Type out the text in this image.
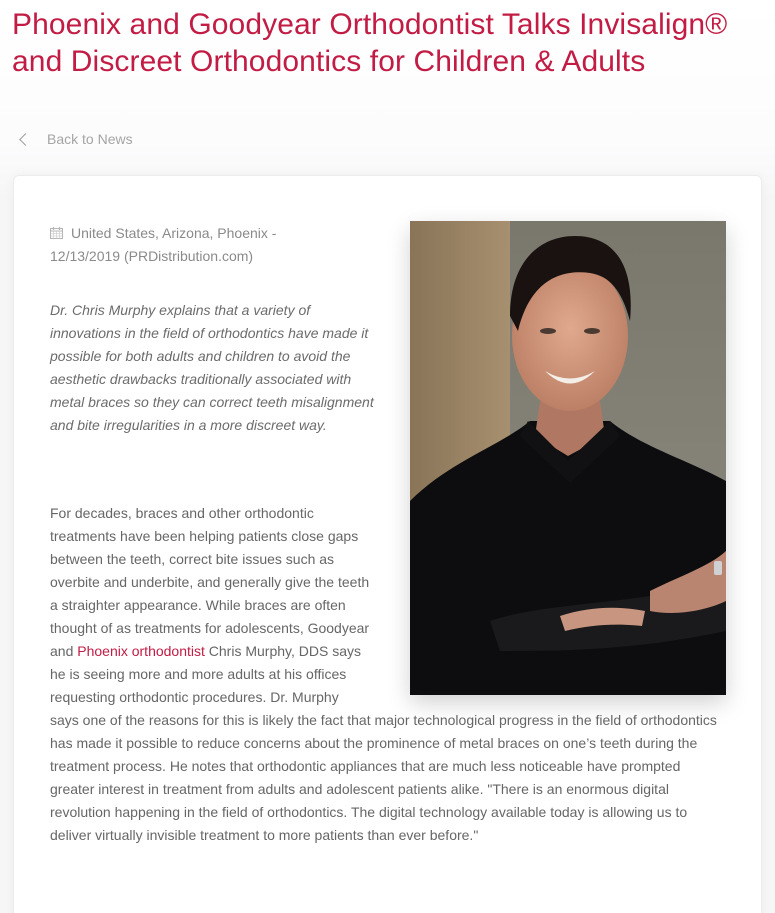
Phoenix and Goodyear Orthodontist Talks Invisalign® and Discreet Orthodontics for Children & Adults
Back to News
United States, Arizona, Phoenix -
12/13/2019 (PRDistribution.com)

Dr. Chris Murphy explains that a variety of innovations in the field of orthodontics have made it possible for both adults and children to avoid the aesthetic drawbacks traditionally associated with metal braces so they can correct teeth misalignment and bite irregularities in a more discreet way.

For decades, braces and other orthodontic treatments have been helping patients close gaps between the teeth, correct bite issues such as overbite and underbite, and generally give the teeth a straighter appearance. While braces are often thought of as treatments for adolescents, Goodyear and Phoenix orthodontist Chris Murphy, DDS says he is seeing more and more adults at his offices requesting orthodontic procedures. Dr. Murphy says one of the reasons for this is likely the fact that major technological progress in the field of orthodontics has made it possible to reduce concerns about the prominence of metal braces on one’s teeth during the treatment process. He notes that orthodontic appliances that are much less noticeable have prompted greater interest in treatment from adults and adolescent patients alike. "There is an enormous digital revolution happening in the field of orthodontics. The digital technology available today is allowing us to deliver virtually invisible treatment to more patients than ever before."
